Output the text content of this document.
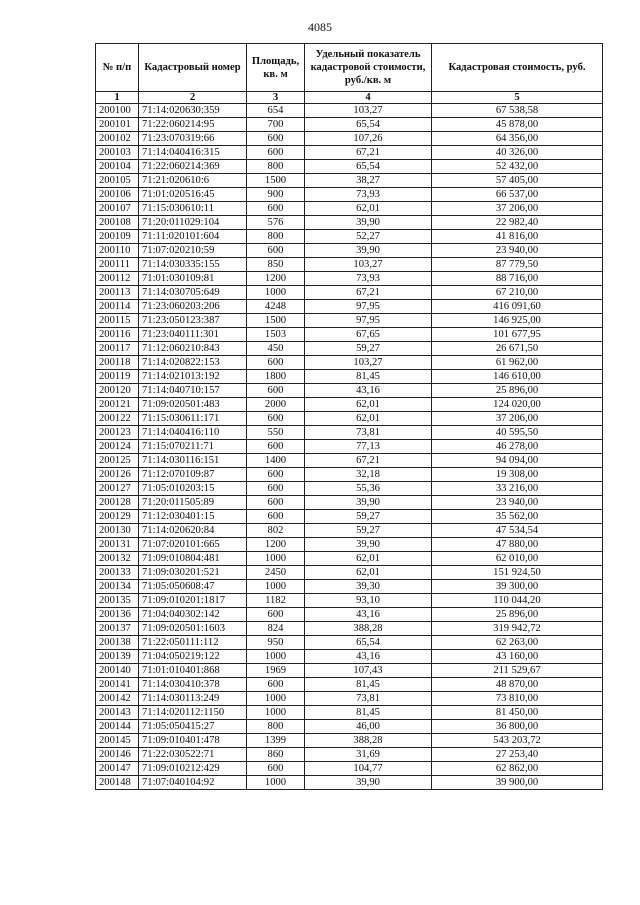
4085
№ п/п	Кадастровый номер	Площадь, кв. м	Удельный показатель кадастровой стоимости, руб./кв. м	Кадастровая стоимость, руб.
1	2	3	4	5
200100	71:14:020630:359	654	103,27	67 538,58
200101	71:22:060214:95	700	65,54	45 878,00
200102	71:23:070319:66	600	107,26	64 356,00
200103	71:14:040416:315	600	67,21	40 326,00
200104	71:22:060214:369	800	65,54	52 432,00
200105	71:21:020610:6	1500	38,27	57 405,00
200106	71:01:020516:45	900	73,93	66 537,00
200107	71:15:030610:11	600	62,01	37 206,00
200108	71:20:011029:104	576	39,90	22 982,40
200109	71:11:020101:604	800	52,27	41 816,00
200110	71:07:020210:59	600	39,90	23 940,00
200111	71:14:030335:155	850	103,27	87 779,50
200112	71:01:030109:81	1200	73,93	88 716,00
200113	71:14:030705:649	1000	67,21	67 210,00
200114	71:23:060203:206	4248	97,95	416 091,60
200115	71:23:050123:387	1500	97,95	146 925,00
200116	71:23:040111:301	1503	67,65	101 677,95
200117	71:12:060210:843	450	59,27	26 671,50
200118	71:14:020822:153	600	103,27	61 962,00
200119	71:14:021013:192	1800	81,45	146 610,00
200120	71:14:040710:157	600	43,16	25 896,00
200121	71:09:020501:483	2000	62,01	124 020,00
200122	71:15:030611:171	600	62,01	37 206,00
200123	71:14:040416:110	550	73,81	40 595,50
200124	71:15:070211:71	600	77,13	46 278,00
200125	71:14:030116:151	1400	67,21	94 094,00
200126	71:12:070109:87	600	32,18	19 308,00
200127	71:05:010203:15	600	55,36	33 216,00
200128	71:20:011505:89	600	39,90	23 940,00
200129	71:12:030401:15	600	59,27	35 562,00
200130	71:14:020620:84	802	59,27	47 534,54
200131	71:07:020101:665	1200	39,90	47 880,00
200132	71:09:010804:481	1000	62,01	62 010,00
200133	71:09:030201:521	2450	62,01	151 924,50
200134	71:05:050608:47	1000	39,30	39 300,00
200135	71:09:010201:1817	1182	93,10	110 044,20
200136	71:04:040302:142	600	43,16	25 896,00
200137	71:09:020501:1603	824	388,28	319 942,72
200138	71:22:050111:112	950	65,54	62 263,00
200139	71:04:050219:122	1000	43,16	43 160,00
200140	71:01:010401:868	1969	107,43	211 529,67
200141	71:14:030410:378	600	81,45	48 870,00
200142	71:14:030113:249	1000	73,81	73 810,00
200143	71:14:020112:1150	1000	81,45	81 450,00
200144	71:05:050415:27	800	46,00	36 800,00
200145	71:09:010401:478	1399	388,28	543 203,72
200146	71:22:030522:71	860	31,69	27 253,40
200147	71:09:010212:429	600	104,77	62 862,00
200148	71:07:040104:92	1000	39,90	39 900,00
